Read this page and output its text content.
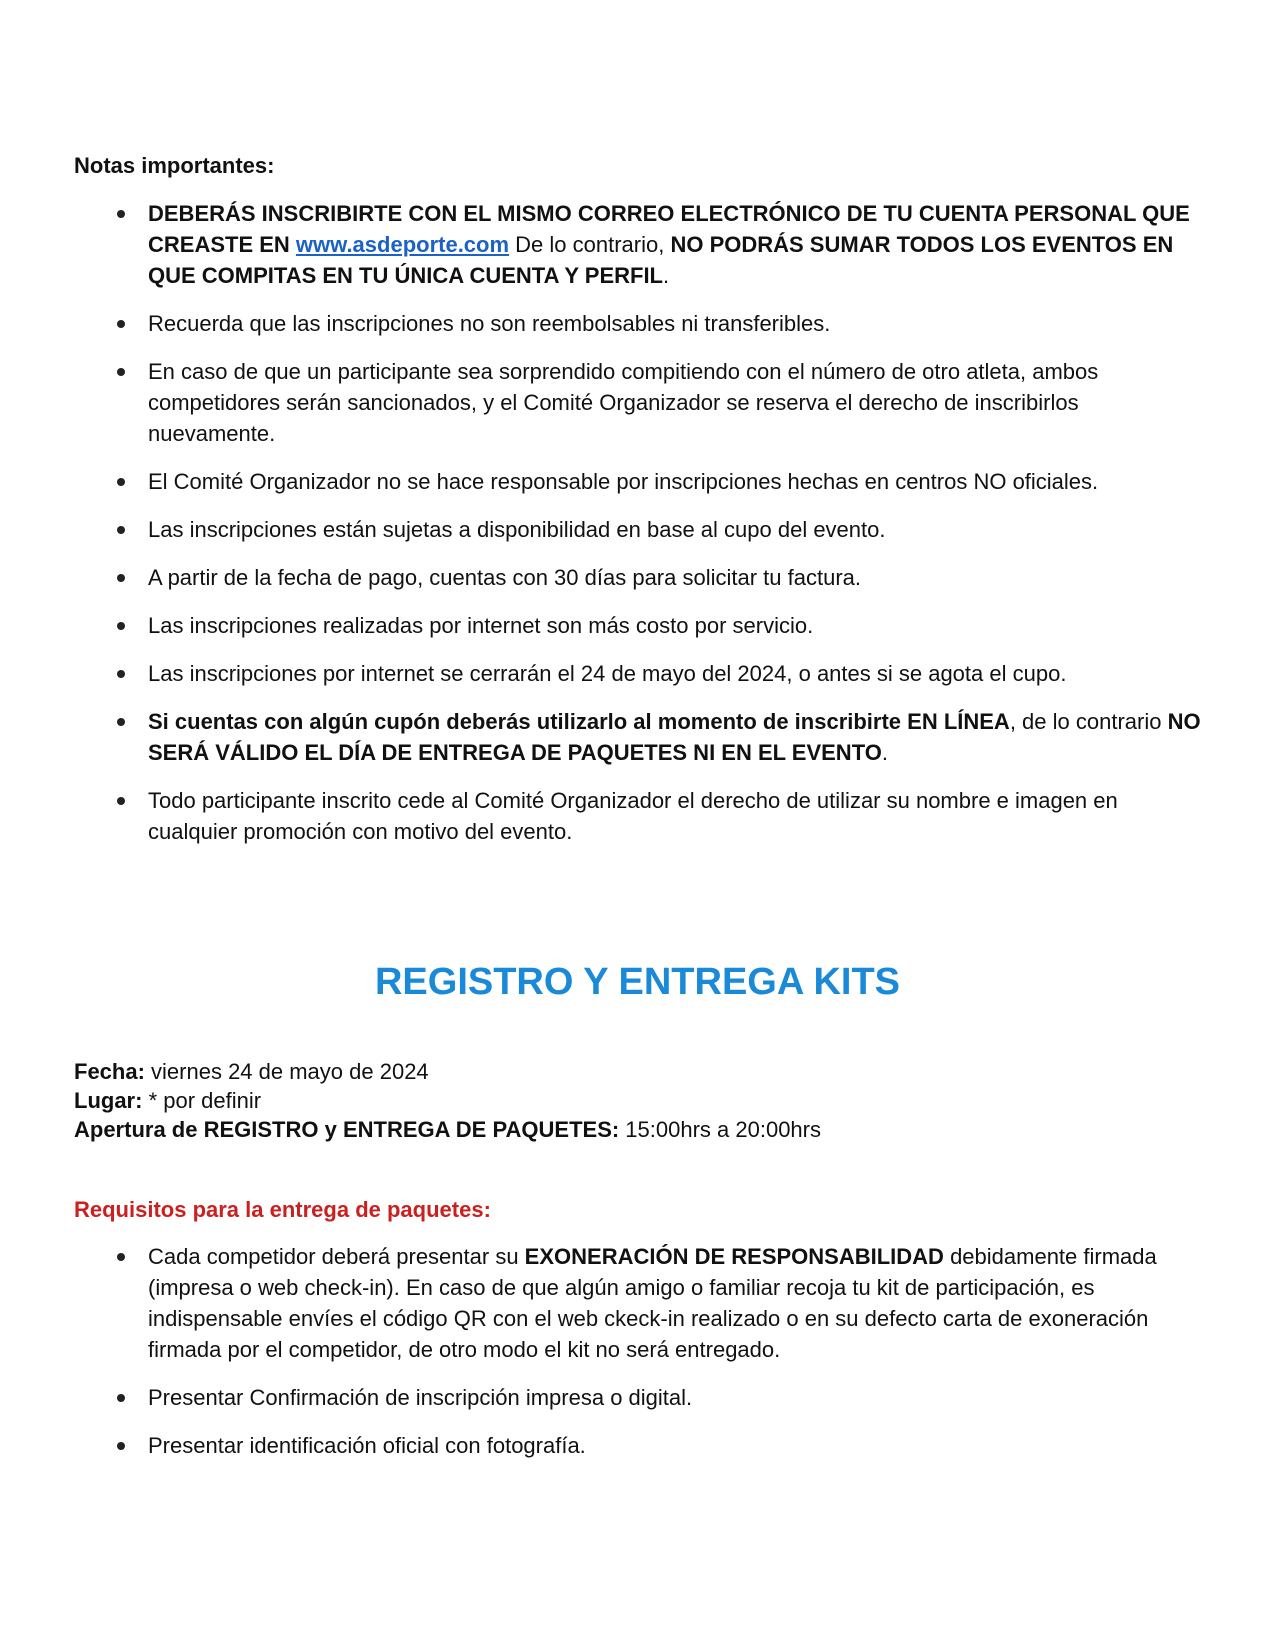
Notas importantes:

DEBERÁS INSCRIBIRTE CON EL MISMO CORREO ELECTRÓNICO DE TU CUENTA PERSONAL QUE CREASTE EN www.asdeporte.com De lo contrario, NO PODRÁS SUMAR TODOS LOS EVENTOS EN QUE COMPITAS EN TU ÚNICA CUENTA Y PERFIL.
Recuerda que las inscripciones no son reembolsables ni transferibles.
En caso de que un participante sea sorprendido compitiendo con el número de otro atleta, ambos competidores serán sancionados, y el Comité Organizador se reserva el derecho de inscribirlos nuevamente.
El Comité Organizador no se hace responsable por inscripciones hechas en centros NO oficiales.
Las inscripciones están sujetas a disponibilidad en base al cupo del evento.
A partir de la fecha de pago, cuentas con 30 días para solicitar tu factura.
Las inscripciones realizadas por internet son más costo por servicio.
Las inscripciones por internet se cerrarán el 24 de mayo del 2024, o antes si se agota el cupo.
Si cuentas con algún cupón deberás utilizarlo al momento de inscribirte EN LÍNEA, de lo contrario NO SERÁ VÁLIDO EL DÍA DE ENTREGA DE PAQUETES NI EN EL EVENTO.
Todo participante inscrito cede al Comité Organizador el derecho de utilizar su nombre e imagen en cualquier promoción con motivo del evento.
REGISTRO Y ENTREGA KITS
Fecha: viernes 24 de mayo de 2024
Lugar: * por definir
Apertura de REGISTRO y ENTREGA DE PAQUETES: 15:00hrs a 20:00hrs

Requisitos para la entrega de paquetes:

Cada competidor deberá presentar su EXONERACIÓN DE RESPONSABILIDAD debidamente firmada (impresa o web check-in). En caso de que algún amigo o familiar recoja tu kit de participación, es indispensable envíes el código QR con el web ckeck-in realizado o en su defecto carta de exoneración firmada por el competidor, de otro modo el kit no será entregado.
Presentar Confirmación de inscripción impresa o digital.
Presentar identificación oficial con fotografía.
